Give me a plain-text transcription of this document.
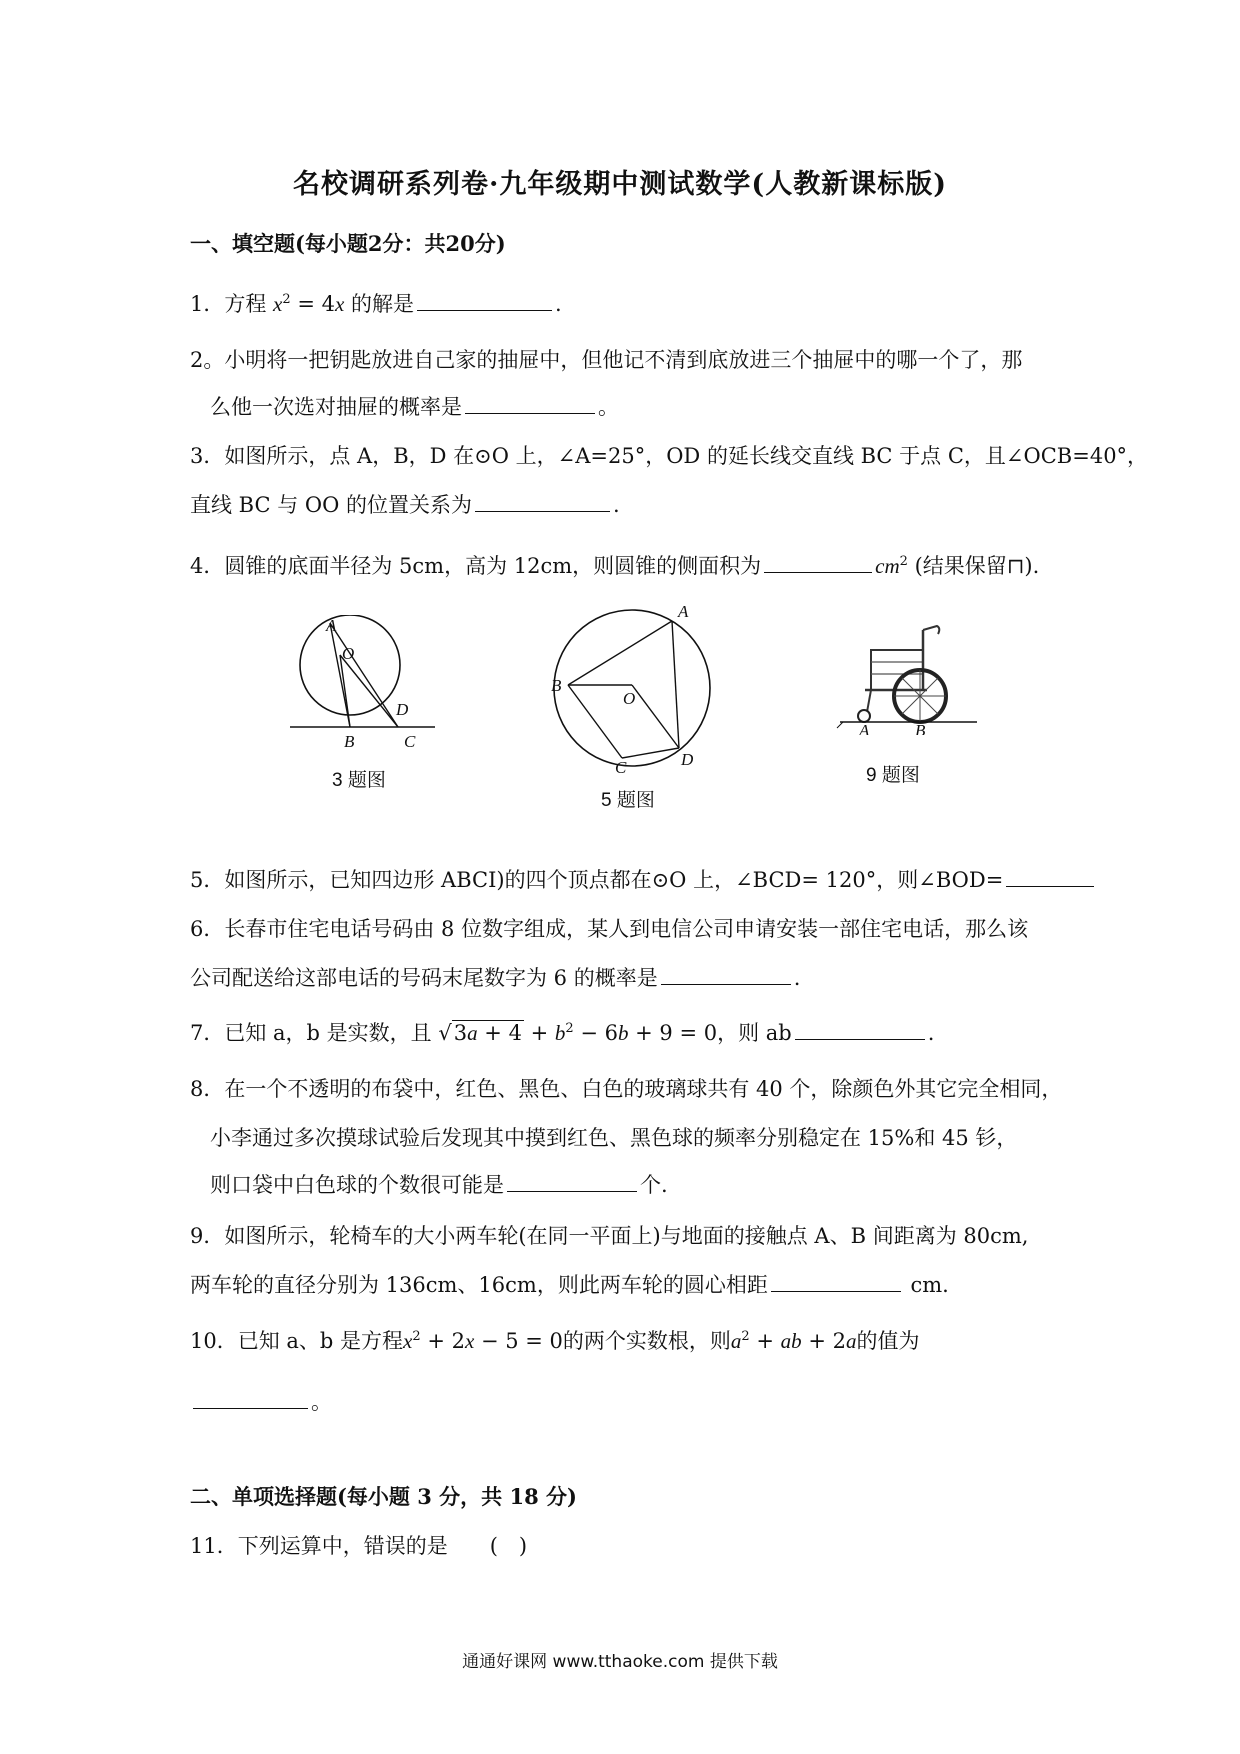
名校调研系列卷·九年级期中测试数学(人教新课标版)
一、填空题(每小题2分：共20分)
1．方程 $x^2 = 4x$ 的解是	.
2。小明将一把钥匙放进自己家的抽屉中，但他记不清到底放进三个抽屉中的哪一个了，那
么他一次选对抽屉的概率是	。
3．如图所示，点 A，B，D 在⊙O 上，∠A=25°，OD 的延长线交直线 BC 于点 C，且∠OCB=40°，
直线 BC 与 OO 的位置关系为	.
4．圆锥的底面半径为 5cm，高为 12cm，则圆锥的侧面积为	$cm^2$ (结果保留⊓).
A
O
D
B	C
3 题图
A
B
O
C	D
5 题图
A	B
9 题图
5．如图所示，已知四边形 ABCI)的四个顶点都在⊙O 上，∠BCD= 120°，则∠BOD=
6．长春市住宅电话号码由 8 位数字组成，某人到电信公司申请安装一部住宅电话，那么该
公司配送给这部电话的号码末尾数字为 6 的概率是	.
7．已知 a，b 是实数，且 $√3a + 4 + b^2 - 6b + 9 = 0$，则 ab	.
8．在一个不透明的布袋中，红色、黑色、白色的玻璃球共有 40 个，除颜色外其它完全相同，
小李通过多次摸球试验后发现其中摸到红色、黑色球的频率分别稳定在 15%和 45 钐，
则口袋中白色球的个数很可能是	个.
9．如图所示，轮椅车的大小两车轮(在同一平面上)与地面的接触点 A、B 间距离为 80cm,
两车轮的直径分别为 136cm、16cm，则此两车轮的圆心相距	cm.
10．已知 a、b 是方程$x^2 + 2x - 5 = 0$的两个实数根，则$a^2$ + ab + 2a的值为
。
二、单项选择题(每小题 3 分，共 18 分)
11．下列运算中，错误的是　　(　)
通通好课网 www.tthaoke.com 提供下载
